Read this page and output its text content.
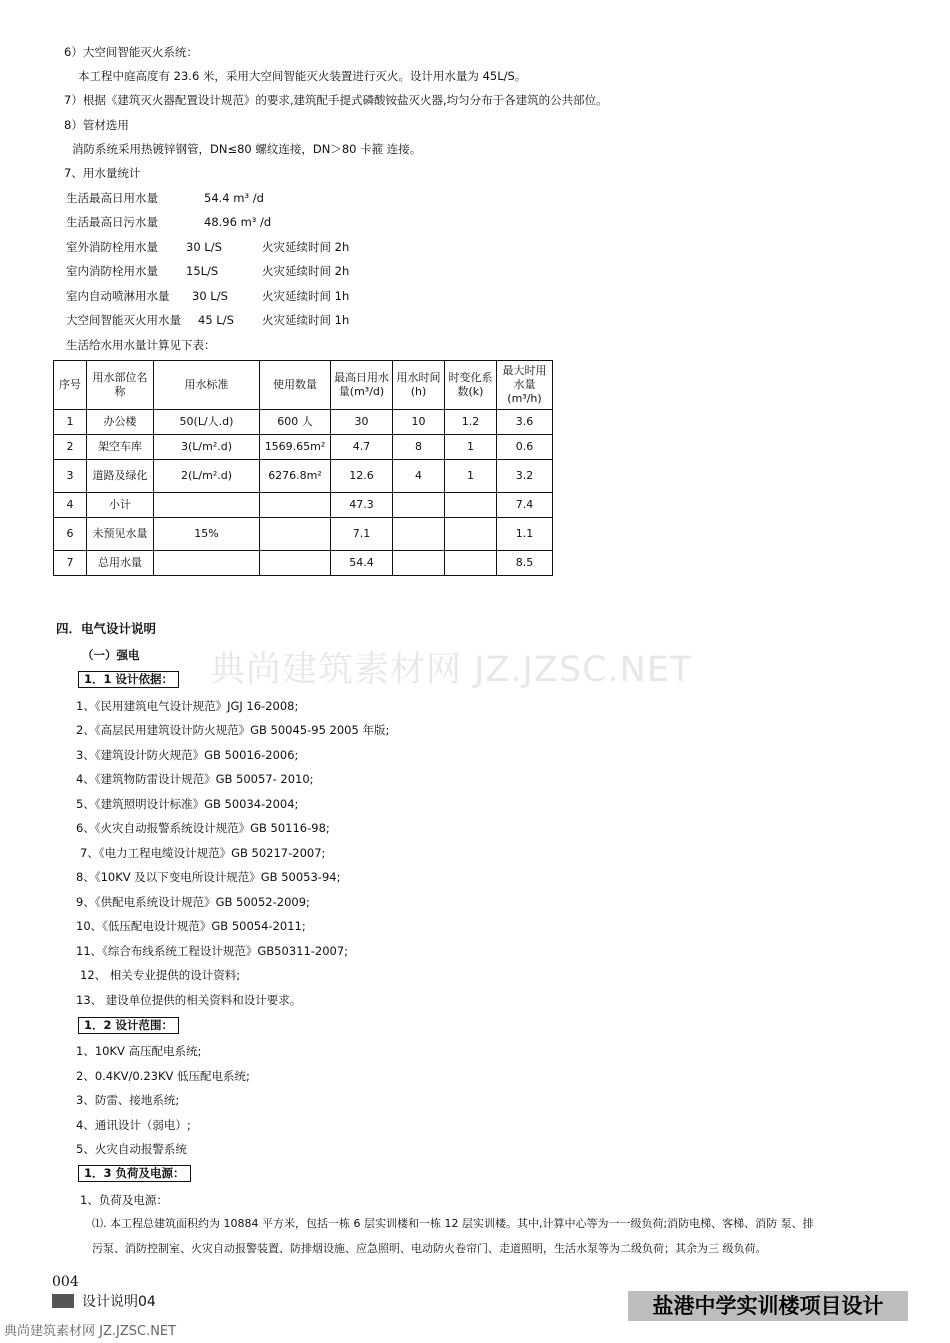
6）大空间智能灭火系统：
本工程中庭高度有 23.6 米，采用大空间智能灭火装置进行灭火。设计用水量为 45L/S。
7）根据《建筑灭火器配置设计规范》的要求,建筑配手提式磷酸铵盐灭火器,均匀分布于各建筑的公共部位。
8）管材选用
消防系统采用热镀锌钢管，DN≤80 螺纹连接，DN＞80 卡箍 连接。
7、用水量统计
生活最高日用水量	54.4 m³ /d
生活最高日污水量	48.96 m³ /d
室外消防栓用水量 30 L/S	火灾延续时间 2h
室内消防栓用水量 15L/S	火灾延续时间 2h
室内自动喷淋用水量 30 L/S	火灾延续时间 1h
大空间智能灭火用水量 45 L/S 火灾延续时间 1h
生活给水用水量计算见下表：
序号	用水部位名称	用水标准	使用数量	最高日用水量(m³/d)	用水时间(h)	时变化系数(k)	最大时用水量(m³/h)
1	办公楼	50(L/人.d)	600 人	30	10	1.2	3.6
2	架空车库	3(L/m².d)	1569.65m²	4.7	8	1	0.6
3	道路及绿化	2(L/m².d)	6276.8m²	12.6	4	1	3.2
4	小计			47.3			7.4
6	未预见水量	15%		7.1			1.1
7	总用水量			54.4			8.5
四．电气设计说明
（一）强电
1．1 设计依据：
1、《民用建筑电气设计规范》JGJ 16-2008;
2、《高层民用建筑设计防火规范》GB 50045-95 2005 年版;
3、《建筑设计防火规范》GB 50016-2006;
4、《建筑物防雷设计规范》GB 50057- 2010;
5、《建筑照明设计标准》GB 50034-2004;
6、《火灾自动报警系统设计规范》GB 50116-98;
7、《电力工程电缆设计规范》GB 50217-2007;
8、《10KV 及以下变电所设计规范》GB 50053-94;
9、《供配电系统设计规范》GB 50052-2009;
10、《低压配电设计规范》GB 50054-2011;
11、《综合布线系统工程设计规范》GB50311-2007;
12、 相关专业提供的设计资料;
13、 建设单位提供的相关资料和设计要求。
1．2 设计范围：
1、10KV 高压配电系统;
2、0.4KV/0.23KV 低压配电系统;
3、防雷、接地系统;
4、通讯设计（弱电）;
5、火灾自动报警系统
1．3 负荷及电源：
1、负荷及电源：
⑴. 本工程总建筑面积约为 10884 平方米，包括一栋 6 层实训楼和一栋 12 层实训楼。其中,计算中心等为一一级负荷;消防电梯、客梯、消防 泵、排
污泵、消防控制室、火灾自动报警装置、防排烟设施、应急照明、电动防火卷帘门、走道照明，生活水泵等为二级负荷；其余为三 级负荷。
典尚建筑素材网 JZ.JZSC.NET
004
设计说明04	盐港中学实训楼项目设计
典尚建筑素材网 JZ.JZSC.NET
